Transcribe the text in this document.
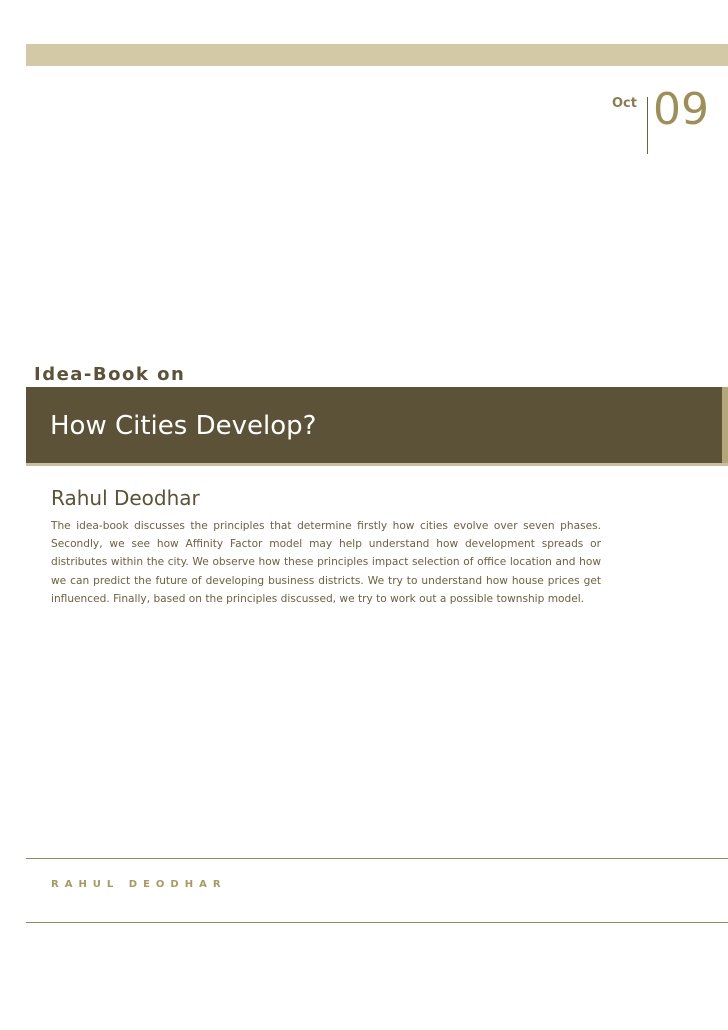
Oct 09
Idea-Book on
How Cities Develop?
Rahul Deodhar

The idea-book discusses the principles that determine firstly how cities evolve over seven phases. Secondly, we see how Affinity Factor model may help understand how development spreads or distributes within the city. We observe how these principles impact selection of office location and how we can predict the future of developing business districts. We try to understand how house prices get influenced. Finally, based on the principles discussed, we try to work out a possible township model.

RAHUL DEODHAR
